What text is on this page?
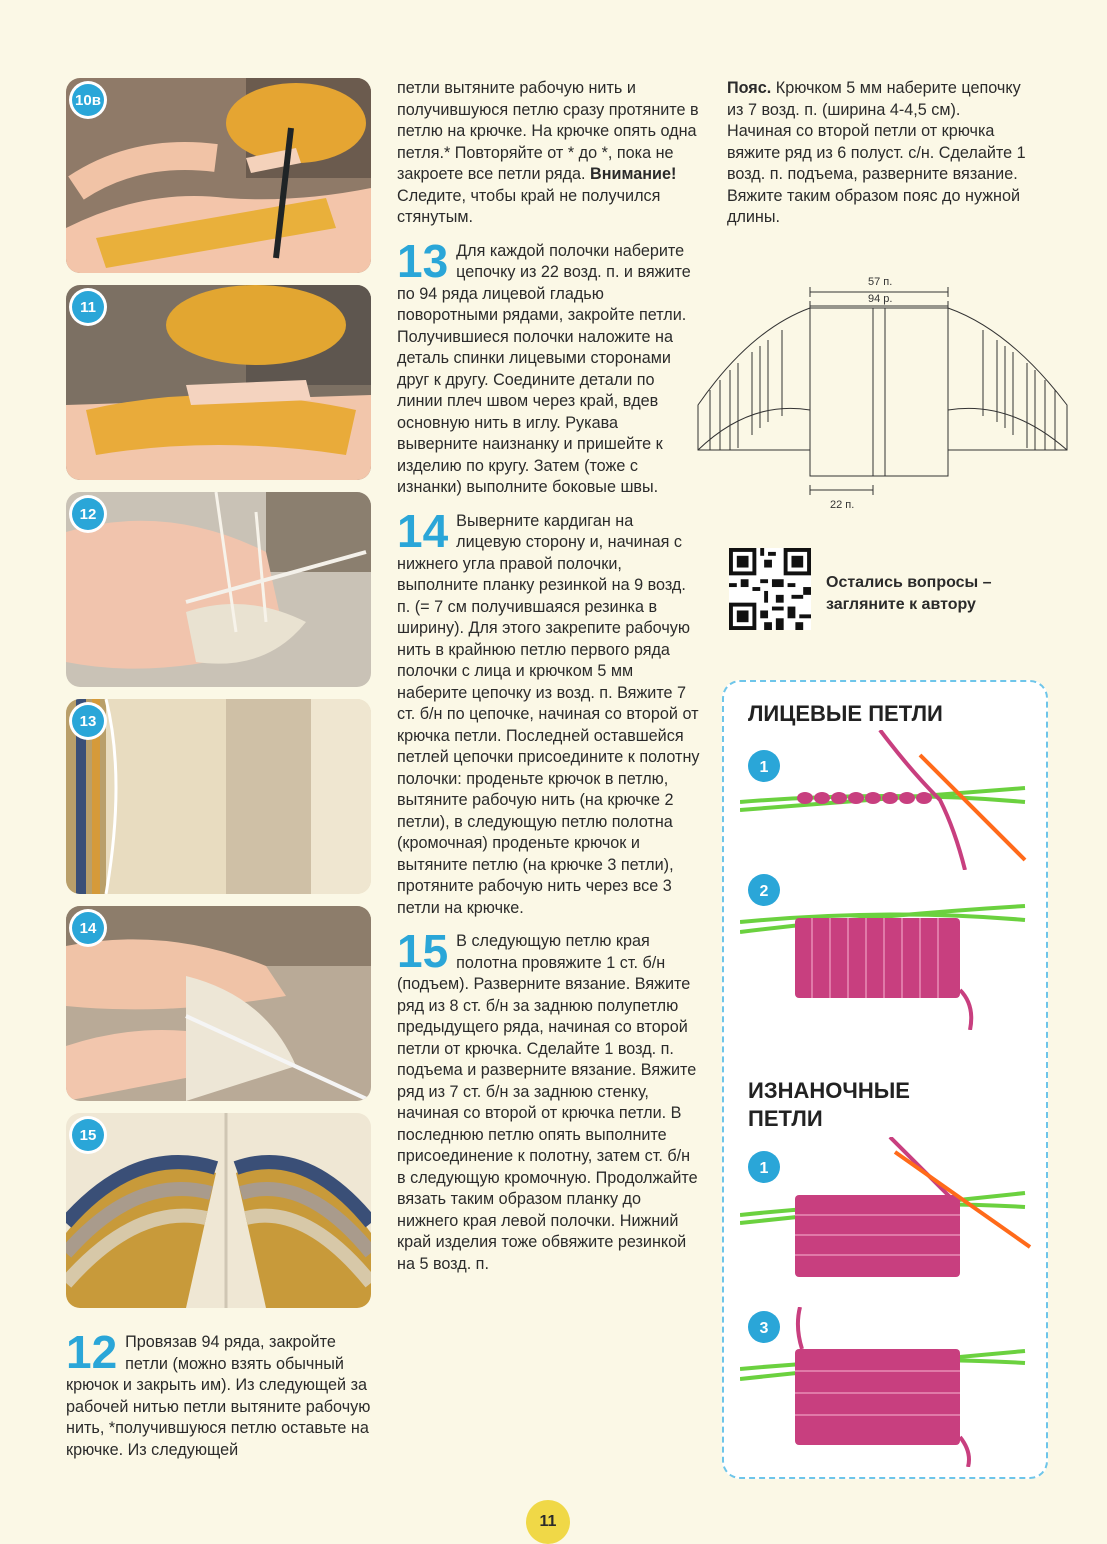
10в
11
12
13
14
15
12 Провязав 94 ряда, закройте петли (можно взять обычный крючок и закрыть им). Из следующей за рабочей нитью петли вытяните рабочую нить, *получившуюся петлю оставьте на крючке. Из следующей

петли вытяните рабочую нить и получившуюся петлю сразу протяните в петлю на крючке. На крючке опять одна петля.* Повторяйте от * до *, пока не закроете все петли ряда. Внимание! Следите, чтобы край не получился стянутым.

13 Для каждой полочки наберите цепочку из 22 возд. п. и вяжите по 94 ряда лицевой гладью поворотными рядами, закройте петли. Получившиеся полочки наложите на деталь спинки лицевыми сторонами друг к другу. Соедините детали по линии плеч швом через край, вдев основную нить в иглу. Рукава выверните наизнанку и пришейте к изделию по кругу. Затем (тоже с изнанки) выполните боковые швы.

14 Выверните кардиган на лицевую сторону и, начиная с нижнего угла правой полочки, выполните планку резинкой на 9 возд. п. (= 7 см получившаяся резинка в ширину). Для этого закрепите рабочую нить в крайнюю петлю первого ряда полочки с лица и крючком 5 мм наберите цепочку из возд. п. Вяжите 7 ст. б/н по цепочке, начиная со второй от крючка петли. Последней оставшейся петлей цепочки присоедините к полотну полочки: проденьте крючок в петлю, вытяните рабочую нить (на крючке 2 петли), в следующую петлю полотна (кромочная) проденьте крючок и вытяните петлю (на крючке 3 петли), протяните рабочую нить через все 3 петли на крючке.

15 В следующую петлю края полотна провяжите 1 ст. б/н (подъем). Разверните вязание. Вяжите ряд из 8 ст. б/н за заднюю полупетлю предыдущего ряда, начиная со второй петли от крючка. Сделайте 1 возд. п. подъема и разверните вязание. Вяжите ряд из 7 ст. б/н за заднюю стенку, начиная со второй от крючка петли. В последнюю петлю опять выполните присоединение к полотну, затем ст. б/н в следующую кромочную. Продолжайте вязать таким образом планку до нижнего края левой полочки. Нижний край изделия тоже обвяжите резинкой на 5 возд. п.

Пояс. Крючком 5 мм наберите цепочку из 7 возд. п. (ширина 4-4,5 см). Начиная со второй петли от крючка вяжите ряд из 6 полуст. с/н. Сделайте 1 возд. п. подъема, разверните вязание. Вяжите таким образом пояс до нужной длины.
57 п.
94 р.
22 п.
Остались вопросы – загляните к автору
ЛИЦЕВЫЕ ПЕТЛИ
1
2
ИЗНАНОЧНЫЕ
ПЕТЛИ
1
3
11
